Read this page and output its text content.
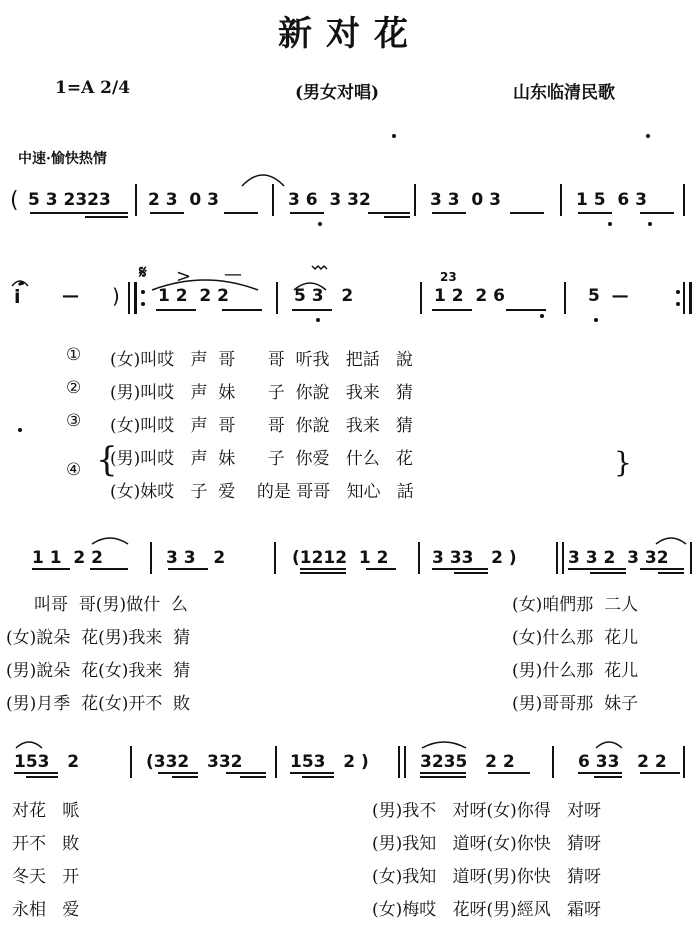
新对花
1=A 2/4	(男女对唱)	山东临清民歌
中速·愉快热情
( 5 3 2323 2 3  0 3	3 6  3 32	3 3  0 3	1 5  6 3
i — )
𝄋 > —
1 2  2 2	5 3   2
23
1 2  2 6	5  —
① (女)叫哎   声  哥      哥  听我   把話   說
② (男)叫哎   声  妹      子  你說   我来   猜
③ (女)叫哎   声  哥      哥  你說   我来   猜
④ {
(男)叫哎   声  妹      子  你爱   什么   花
(女)妹哎   子  爱    的是 哥哥   知心   話
}
1 1  2 2	3 3   2	(1212  1 2	3 33   2 )	3 3 2  3 32
叫哥  哥(男)做什  么	(女)咱們那  二人
(女)說朵  花(男)我来  猜	(女)什么那  花儿
(男)說朵  花(女)我来  猜	(男)什么那  花儿
(男)月季  花(女)开不  敗	(男)哥哥那  妹子
153   2	(332   332	153   2 )	3235   2 2	6 33   2 2
对花   哌	(男)我不   对呀(女)你得   对呀
开不   敗	(男)我知   道呀(女)你快   猜呀
冬天   开	(女)我知   道呀(男)你快   猜呀
永相   爱	(女)梅哎   花呀(男)經风   霜呀
